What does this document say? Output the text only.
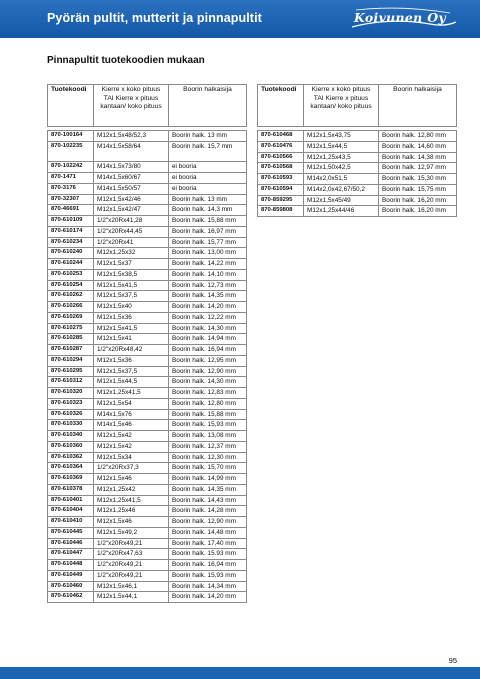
Pyörän pultit, mutterit ja pinnapultit	Koivunen Oy
Pinnapultit tuotekoodien mukaan
Tuotekoodi	Kierre x koko pituus TAI Kierre x pituus kantaan/ koko pituus	Boorin halkaisija

870-100164	M12x1,5x48/52,3	Boorin halk. 13 mm
870-102235	M14x1,5x58/64	Boorin halk. 15,7 mm
870-102242	M14x1,5x73/80	ei booria
870-1471	M14x1,5x60/67	ei booria
870-3176	M14x1,5x50/57	ei booria
870-32307	M12x1,5x42/46	Boorin halk. 13 mm
870-46691	M12x1,5x42/47	Boorin halk. 14,3 mm
870-610109	1/2"x20Rx41,28	Boorin halk. 15,88 mm
870-610174	1/2"x20Rx44,45	Boorin halk. 16,97 mm
870-610234	1/2"x20Rx41	Boorin halk. 15,77 mm
870-610240	M12x1,25x32	Boorin halk. 13,00 mm
870-610244	M12x1,5x37	Boorin halk. 14,22 mm
870-610253	M12x1,5x38,5	Boorin halk. 14,10 mm
870-610254	M12x1,5x41,5	Boorin halk. 12,73 mm
870-610262	M12x1,5x37,5	Boorin halk. 14,35 mm
870-610266	M12x1,5x40	Boorin halk. 14,20 mm
870-610269	M12x1,5x36	Boorin halk. 12,22 mm
870-610275	M12x1,5x41,5	Boorin halk. 14,30 mm
870-610285	M12x1,5x41	Boorin halk. 14,94 mm
870-610287	1/2"x20Rx48,42	Boorin halk. 16,94 mm
870-610294	M12x1,5x36	Boorin halk. 12,95 mm
870-610295	M12x1,5x37,5	Boorin halk. 12,90 mm
870-610312	M12x1,5x44,5	Boorin halk. 14,30 mm
870-610320	M12x1,25x41,5	Boorin halk. 12,83 mm
870-610323	M12x1,5x54	Boorin halk. 12,80 mm
870-610326	M14x1,5x76	Boorin halk. 15,88 mm
870-610330	M14x1,5x46	Boorin halk. 15,93 mm
870-610340	M12x1,5x42	Boorin halk. 13,08 mm
870-610360	M12x1,5x42	Boorin halk. 12,37 mm
870-610362	M12x1,5x34	Boorin halk. 12,30 mm
870-610364	1/2"x20Rx37,3	Boorin halk. 15,70 mm
870-610369	M12x1,5x46	Boorin halk. 14,99 mm
870-610378	M12x1,25x42	Boorin halk. 14,35 mm
870-610401	M12x1,25x41,5	Boorin halk. 14,43 mm
870-610404	M12x1,25x46	Boorin halk. 14,28 mm
870-610410	M12x1,5x46	Boorin halk. 12,90 mm
870-610445	M12x1,5x49,2	Boorin halk. 14,48 mm
870-610446	1/2"x20Rx49,21	Boorin halk. 17,40 mm
870-610447	1/2"x20Rx47,63	Boorin halk. 15.93 mm
870-610448	1/2"x20Rx49,21	Boorin halk. 16,94 mm
870-610449	1/2"x20Rx49,21	Boorin halk. 15,93 mm
870-610460	M12x1,5x46,1	Boorin halk. 14,34 mm
870-610462	M12x1,5x44,1	Boorin halk. 14,20 mm
Tuotekoodi	Kierre x koko pituus TAI Kierre x pituus kantaan/ koko pituus	Boorin halkaisija

870-610468	M12x1,5x43,75	Boorin halk. 12,80 mm
870-610476	M12x1,5x44,5	Boorin halk. 14,60 mm
870-610566	M12x1,25x43,5	Boorin halk. 14,38 mm
870-610568	M12x1,50x42,5	Boorin halk. 12,97 mm
870-610593	M14x2,0x51,5	Boorin halk. 15,30 mm
870-610594	M14x2,0x42,67/50,2	Boorin halk. 15,75 mm
870-859295	M12x1,5x45/49	Boorin halk. 16,20 mm
870-859808	M12x1,25x44/46	Boorin halk. 16,20 mm
95
